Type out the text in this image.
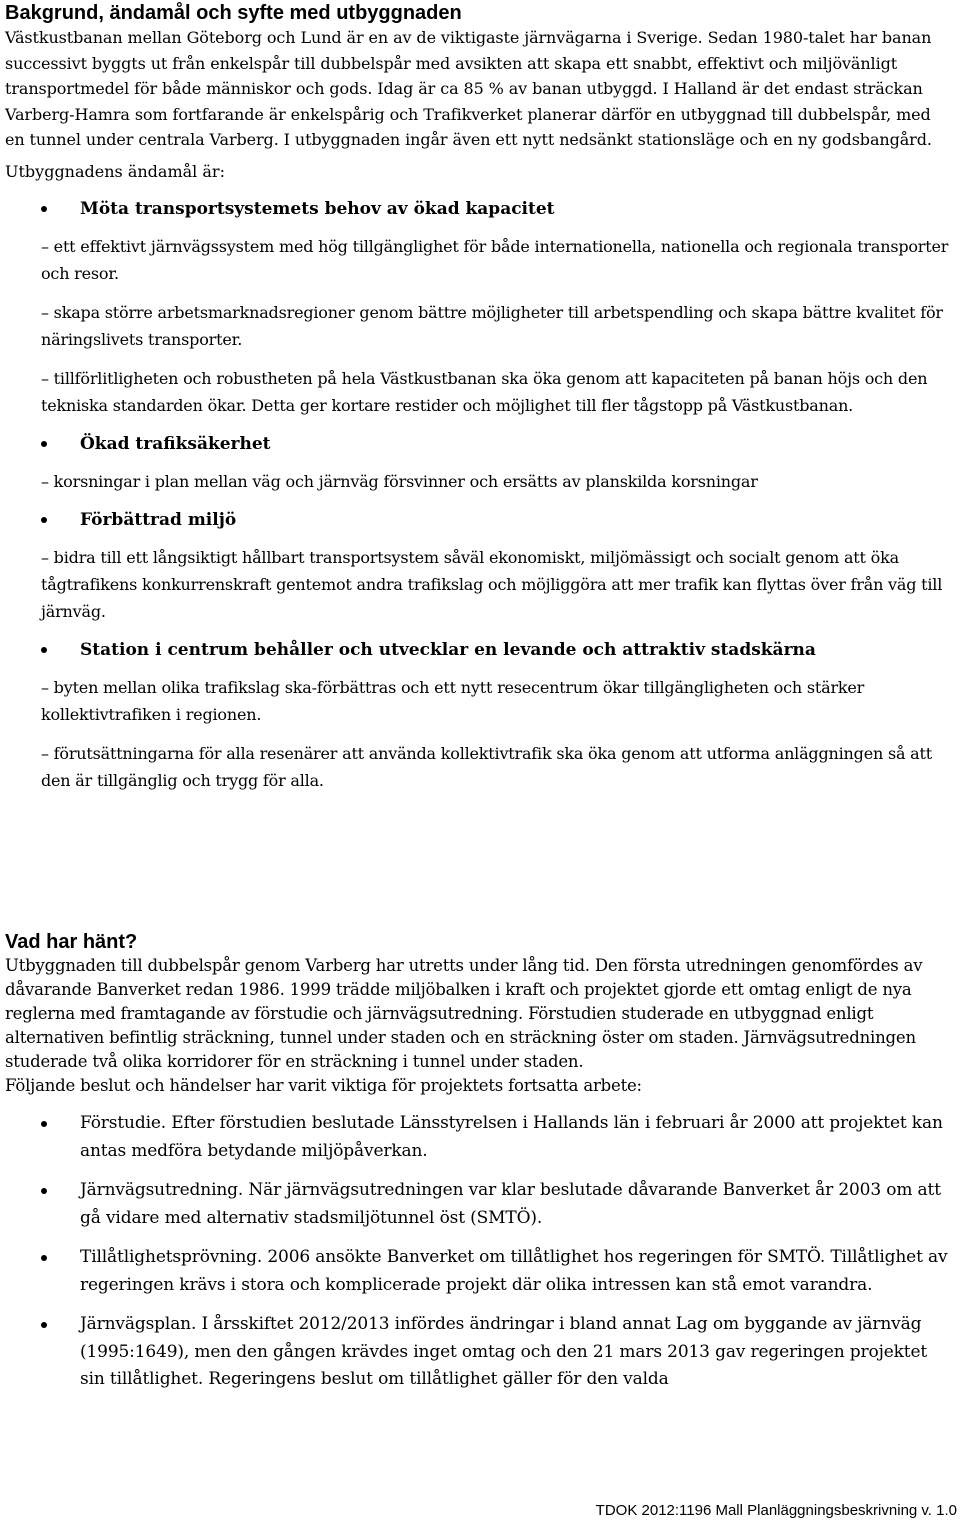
Bakgrund, ändamål och syfte med utbyggnaden

Västkustbanan mellan Göteborg och Lund är en av de viktigaste järnvägarna i Sverige. Sedan 1980-talet har banan successivt byggts ut från enkelspår till dubbelspår med avsikten att skapa ett snabbt, effektivt och miljövänligt transportmedel för både människor och gods. Idag är ca 85 % av banan utbyggd. I Halland är det endast sträckan Varberg-Hamra som fortfarande är enkelspårig och Trafikverket planerar därför en utbyggnad till dubbelspår, med en tunnel under centrala Varberg. I utbyggnaden ingår även ett nytt nedsänkt stationsläge och en ny godsbangård.

Utbyggnadens ändamål är:

Möta transportsystemets behov av ökad kapacitet

– ett effektivt järnvägssystem med hög tillgänglighet för både internationella, nationella och regionala transporter och resor.

– skapa större arbetsmarknadsregioner genom bättre möjligheter till arbetspendling och skapa bättre kvalitet för näringslivets transporter.

– tillförlitligheten och robustheten på hela Västkustbanan ska öka genom att kapaciteten på banan höjs och den tekniska standarden ökar. Detta ger kortare restider och möjlighet till fler tågstopp på Västkustbanan.

Ökad trafiksäkerhet

– korsningar i plan mellan väg och järnväg försvinner och ersätts av planskilda korsningar

Förbättrad miljö

– bidra till ett långsiktigt hållbart transportsystem såväl ekonomiskt, miljömässigt och socialt genom att öka tågtrafikens konkurrenskraft gentemot andra trafikslag och möjliggöra att mer trafik kan flyttas över från väg till järnväg.

Station i centrum behåller och utvecklar en levande och attraktiv stadskärna

– byten mellan olika trafikslag ska-förbättras och ett nytt resecentrum ökar tillgängligheten och stärker kollektivtrafiken i regionen.

– förutsättningarna för alla resenärer att använda kollektivtrafik ska öka genom att utforma anläggningen så att den är tillgänglig och trygg för alla.

Vad har hänt?

Utbyggnaden till dubbelspår genom Varberg har utretts under lång tid. Den första utredningen genomfördes av dåvarande Banverket redan 1986. 1999 trädde miljöbalken i kraft och projektet gjorde ett omtag enligt de nya reglerna med framtagande av förstudie och järnvägsutredning. Förstudien studerade en utbyggnad enligt alternativen befintlig sträckning, tunnel under staden och en sträckning öster om staden. Järnvägsutredningen studerade två olika korridorer för en sträckning i tunnel under staden.

Följande beslut och händelser har varit viktiga för projektets fortsatta arbete:

Förstudie. Efter förstudien beslutade Länsstyrelsen i Hallands län i februari år 2000 att projektet kan antas medföra betydande miljöpåverkan.
Järnvägsutredning. När järnvägsutredningen var klar beslutade dåvarande Banverket år 2003 om att gå vidare med alternativ stadsmiljötunnel öst (SMTÖ).
Tillåtlighetsprövning. 2006 ansökte Banverket om tillåtlighet hos regeringen för SMTÖ. Tillåtlighet av regeringen krävs i stora och komplicerade projekt där olika intressen kan stå emot varandra.
Järnvägsplan. I årsskiftet 2012/2013 infördes ändringar i bland annat Lag om byggande av järnväg (1995:1649), men den gången krävdes inget omtag och den 21 mars 2013 gav regeringen projektet sin tillåtlighet. Regeringens beslut om tillåtlighet gäller för den valda
TDOK 2012:1196 Mall Planläggningsbeskrivning v. 1.0
